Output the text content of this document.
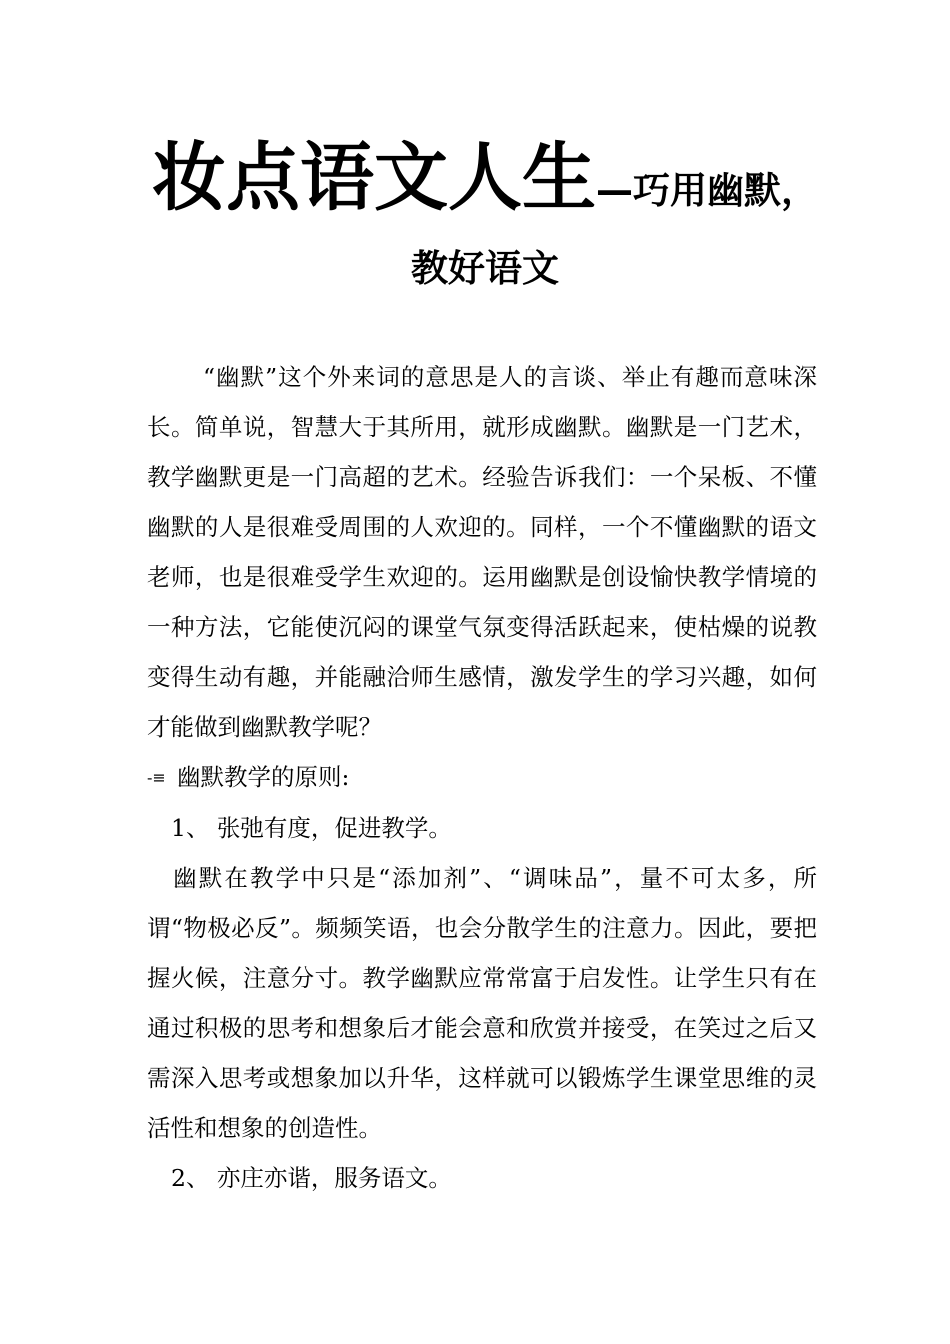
妆点语文人生—巧用幽默，
教好语文

“幽默”这个外来词的意思是人的言谈、举止有趣而意味深长。简单说，智慧大于其所用，就形成幽默。幽默是一门艺术，教学幽默更是一门高超的艺术。经验告诉我们：一个呆板、不懂幽默的人是很难受周围的人欢迎的。同样，一个不懂幽默的语文老师，也是很难受学生欢迎的。运用幽默是创设愉快教学情境的一种方法，它能使沉闷的课堂气氛变得活跃起来，使枯燥的说教变得生动有趣，并能融洽师生感情，激发学生的学习兴趣，如何才能做到幽默教学呢？

-≡ 幽默教学的原则:

1、 张弛有度，促进教学。

幽默在教学中只是“添加剂”、“调味品”，量不可太多，所谓“物极必反”。频频笑语，也会分散学生的注意力。因此，要把握火候，注意分寸。教学幽默应常常富于启发性。让学生只有在通过积极的思考和想象后才能会意和欣赏并接受，在笑过之后又需深入思考或想象加以升华，这样就可以锻炼学生课堂思维的灵活性和想象的创造性。

2、 亦庄亦谐，服务语文。
